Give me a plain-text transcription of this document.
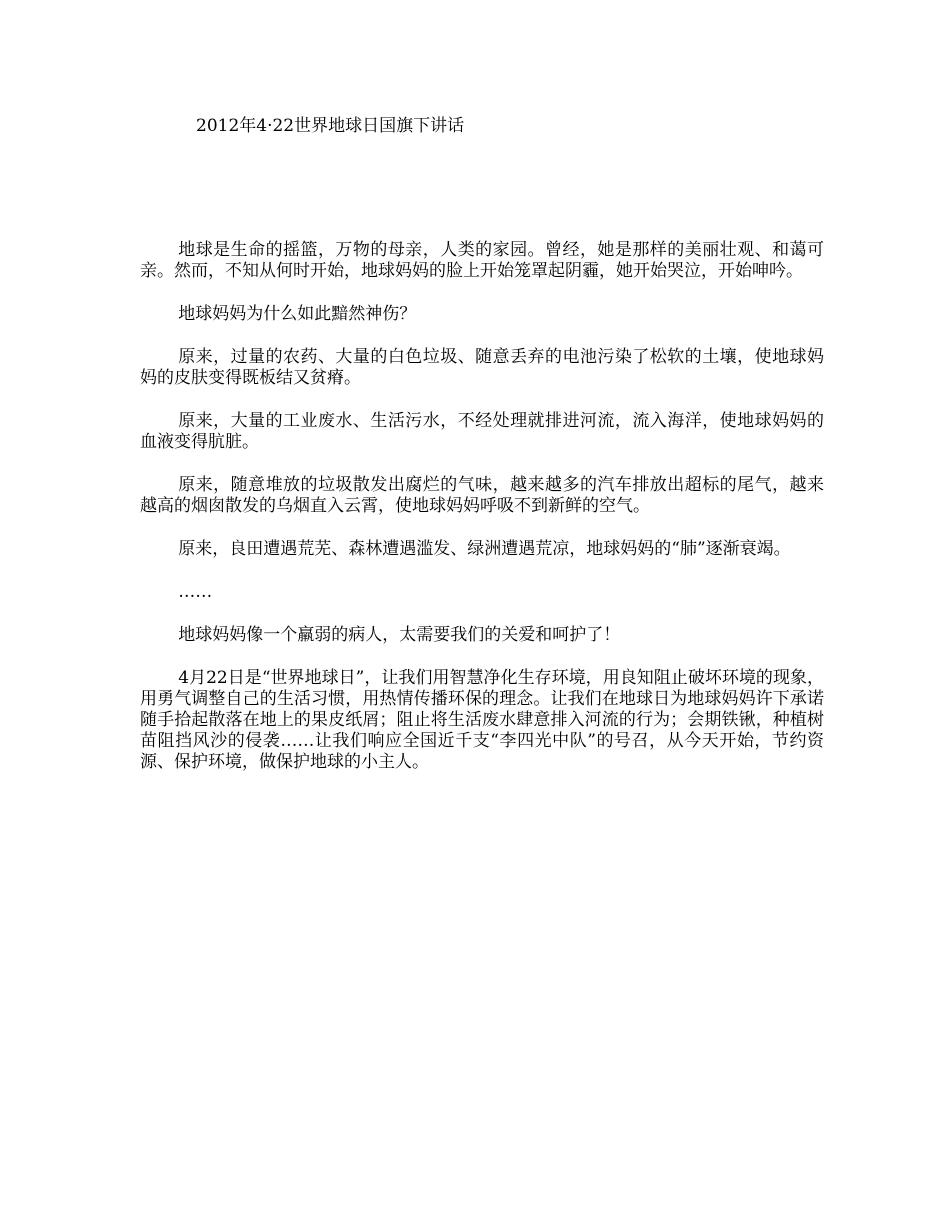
2012年4·22世界地球日国旗下讲话

地球是生命的摇篮，万物的母亲，人类的家园。曾经，她是那样的美丽壮观、和蔼可亲。然而，不知从何时开始，地球妈妈的脸上开始笼罩起阴霾，她开始哭泣，开始呻吟。

地球妈妈为什么如此黯然神伤？

原来，过量的农药、大量的白色垃圾、随意丢弃的电池污染了松软的土壤，使地球妈妈的皮肤变得既板结又贫瘠。

原来，大量的工业废水、生活污水，不经处理就排进河流，流入海洋，使地球妈妈的血液变得肮脏。

原来，随意堆放的垃圾散发出腐烂的气味，越来越多的汽车排放出超标的尾气，越来越高的烟囱散发的乌烟直入云霄，使地球妈妈呼吸不到新鲜的空气。

原来，良田遭遇荒芜、森林遭遇滥发、绿洲遭遇荒凉，地球妈妈的“肺”逐渐衰竭。

……

地球妈妈像一个羸弱的病人，太需要我们的关爱和呵护了！

4月22日是“世界地球日”，让我们用智慧净化生存环境，用良知阻止破坏环境的现象，用勇气调整自己的生活习惯，用热情传播环保的理念。让我们在地球日为地球妈妈许下承诺随手拾起散落在地上的果皮纸屑；阻止将生活废水肆意排入河流的行为；会期铁锹，种植树苗阻挡风沙的侵袭……让我们响应全国近千支“李四光中队”的号召，从今天开始，节约资源、保护环境，做保护地球的小主人。
